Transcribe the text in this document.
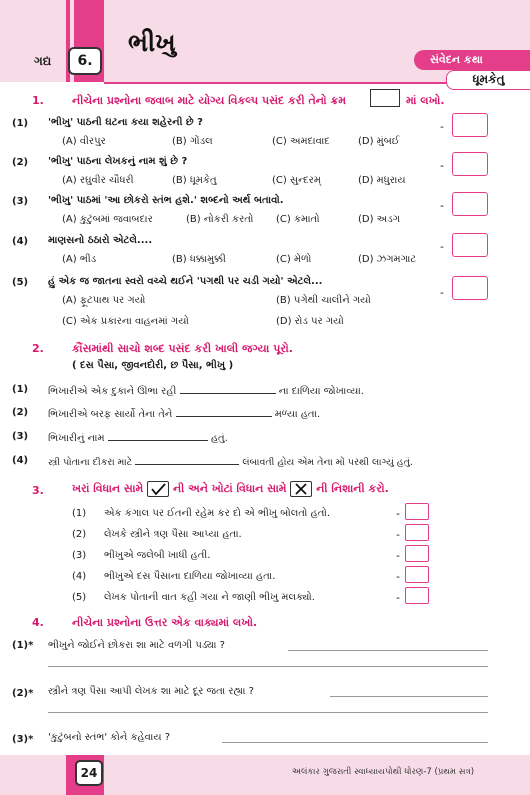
ગદ્ય	6.
ભીખુ
સંવેદન કથા
ધૂમકેતુ
1.	નીચેના પ્રશ્નોના જવાબ માટે યોગ્ય વિકલ્પ પસંદ કરી તેનો ક્રમ	માં લખો.
(1) 'ભીખુ' પાઠની ઘટના કયા શહેરની છે ?
(A) વીરપુર	(B) ગોંડલ	(C) અમદાવાદ	(D) મુંબઈ
-
(2) 'ભીખુ' પાઠના લેખકનું નામ શું છે ?
(A) રઘુવીર ચૌધરી	(B) ધૂમકેતુ	(C) સુન્દરમ્	(D) મધુરાય
-
(3) 'ભીખુ' પાઠમાં 'આ છોકરો સ્તંભ હશે.' શબ્દનો અર્થ બતાવો.
(A) કુટુંબમાં જવાબદાર	(B) નોકરી કરતો (C) કમાતો	(D) અડગ
-
(4) માણસનો ઠઠારો એટલે....
(A) ભીડ	(B) ધક્કામુક્કી	(C) મેળો	(D) ઝગમગાટ
-
(5) હું એક જ જાતના સ્વરો વચ્ચે થઈને 'પગથી પર ચડી ગયો' એટલે...
(A) ફૂટપાથ પર ગયો	(B) પગેથી ચાલીને ગયો
(C) એક પ્રકારના વાહનમાં ગયો	(D) રોડ પર ગયો
-
2.	કૌંસમાંથી સાચો શબ્દ પસંદ કરી ખાલી જગ્યા પૂરો.
( દસ પૈસા, જીવનદોરી, છ પૈસા, ભીખુ )
(1) ભિખારીએ એક દુકાને ઊભા રહી	ના દાળિયા જોખાવ્યા.
(2) ભિખારીએ બરફ સાર્યો તેના તેને	મળ્યા હતા.
(3) ભિખારીનું નામ	હતું.
(4) સ્ત્રી પોતાના દીકરા માટે	લંબાવતી હોય એમ તેના મોં પરથી લાગ્યું હતું.
3.	ખરાં વિધાન સામે	ની અને ખોટાં વિધાન સામે	ની નિશાની કરો.
(1) એક કંગાલ પર ઈતની રહેમ કર દો એ ભીખુ બોલતો હતો.	-
(2) લેખકે સ્ત્રીને ત્રણ પૈસા આપ્યા હતા.	-
(3) ભીખુએ જલેબી ખાધી હતી.	-
(4) ભીખુએ દસ પૈસાના દાળિયા જોખાવ્યા હતા.	-
(5) લેખક પોતાની વાત કહી ગયા ને જાણી ભીખુ મલક્યો.	-
4.	નીચેના પ્રશ્નોના ઉત્તર એક વાક્યમાં લખો.
(1)* ભીખુને જોઈને છોકરા શા માટે વળગી પડ્યા ?
(2)* સ્ત્રીને ત્રણ પૈસા આપી લેખક શા માટે દૂર જતા રહ્યા ?
(3)* 'કુટુંબનો સ્તંભ' કોને કહેવાય ?
24	અલંકાર ગુજરાતી સ્વાધ્યાયપોથી ધોરણ-7 (પ્રથમ સત્ર)
